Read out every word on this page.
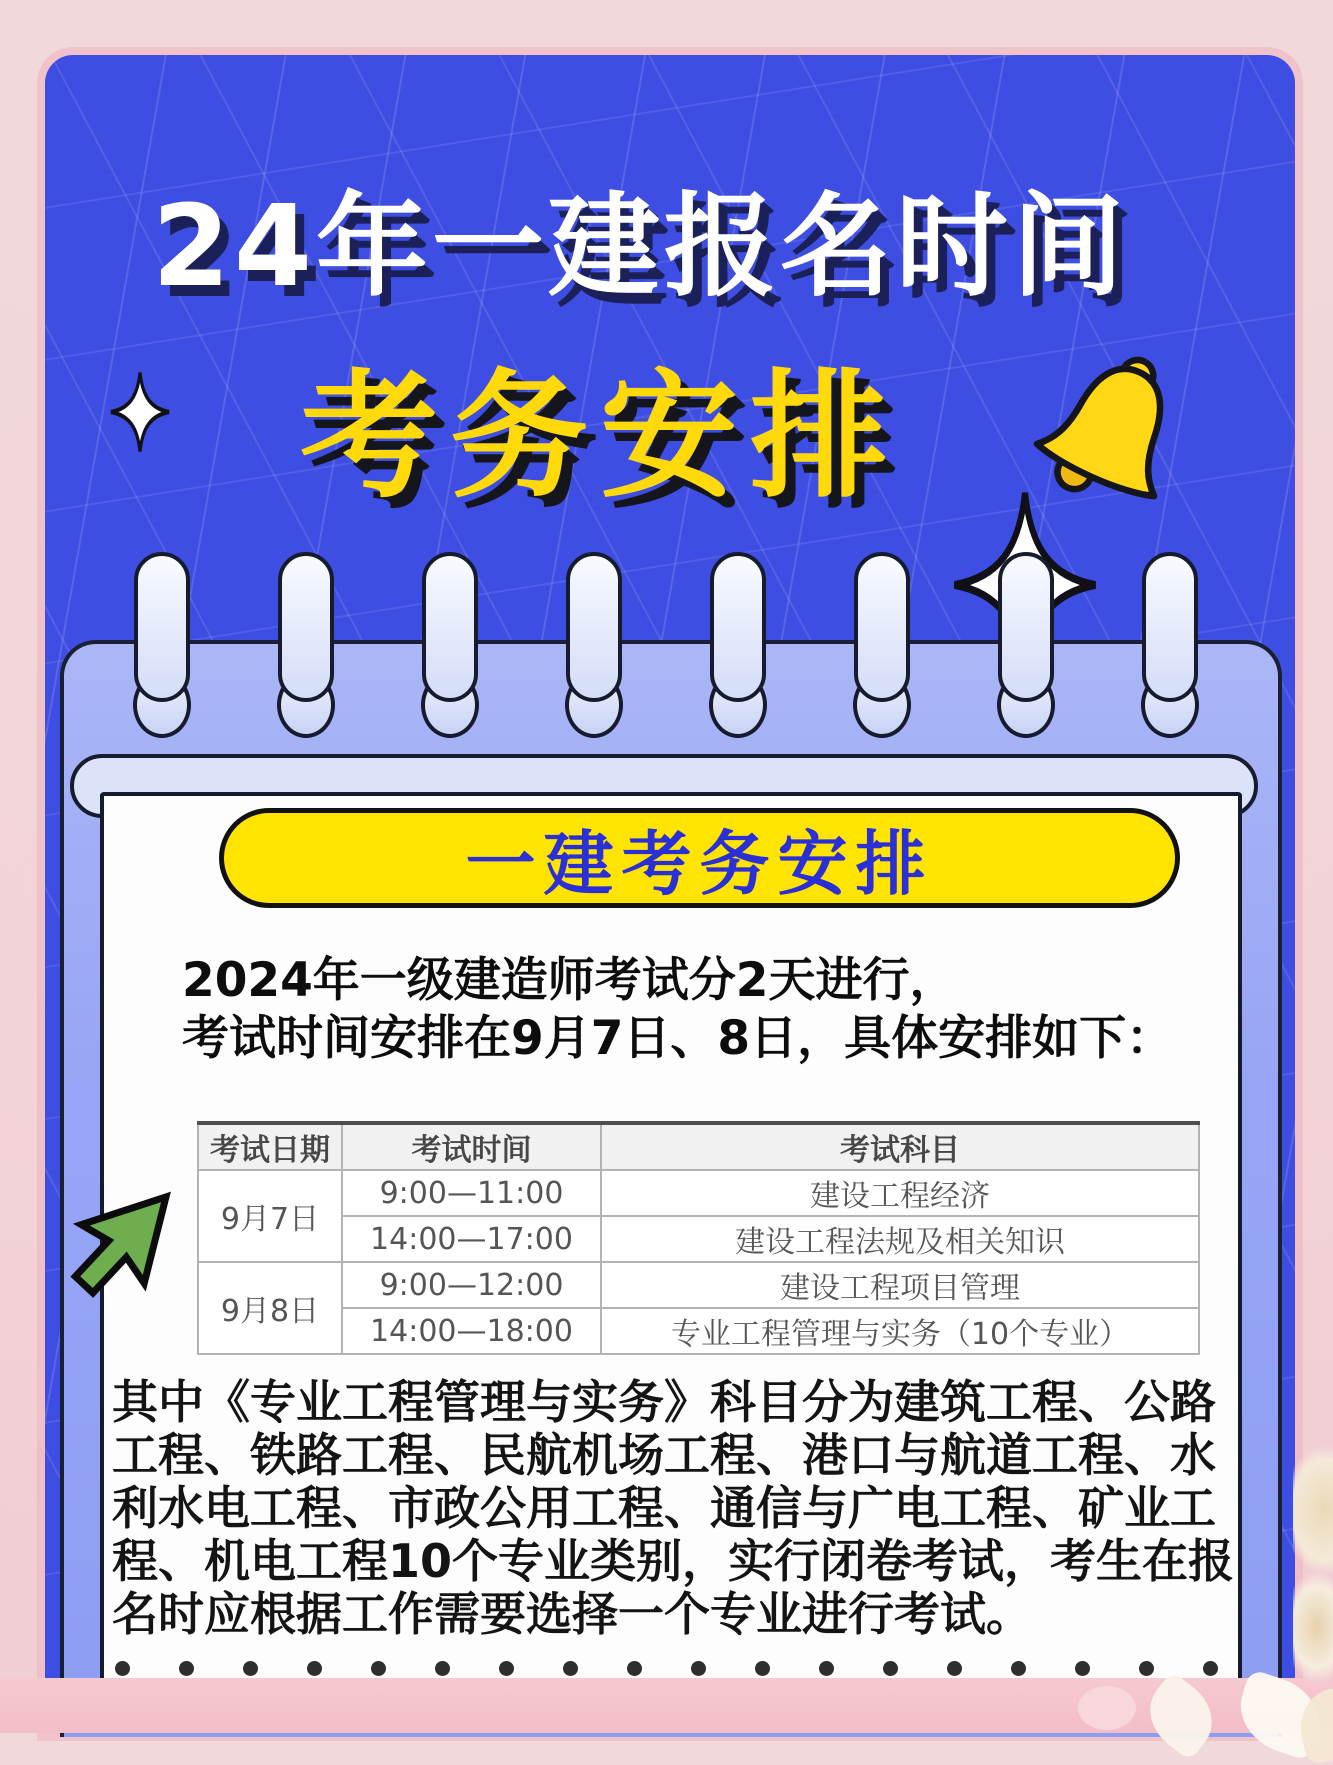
24年一建报名时间
考务安排
一建考务安排
2024年一级建造师考试分2天进行，
考试时间安排在9月7日、8日，具体安排如下：
考试日期	考试时间	考试科目
9月7日	9:00—11:00	建设工程经济
	14:00—17:00	建设工程法规及相关知识
9月8日	9:00—12:00	建设工程项目管理
	14:00—18:00	专业工程管理与实务（10个专业）
其中《专业工程管理与实务》科目分为建筑工程、公路工程、铁路工程、民航机场工程、港口与航道工程、水利水电工程、市政公用工程、通信与广电工程、矿业工程、机电工程10个专业类别，实行闭卷考试，考生在报名时应根据工作需要选择一个专业进行考试。
